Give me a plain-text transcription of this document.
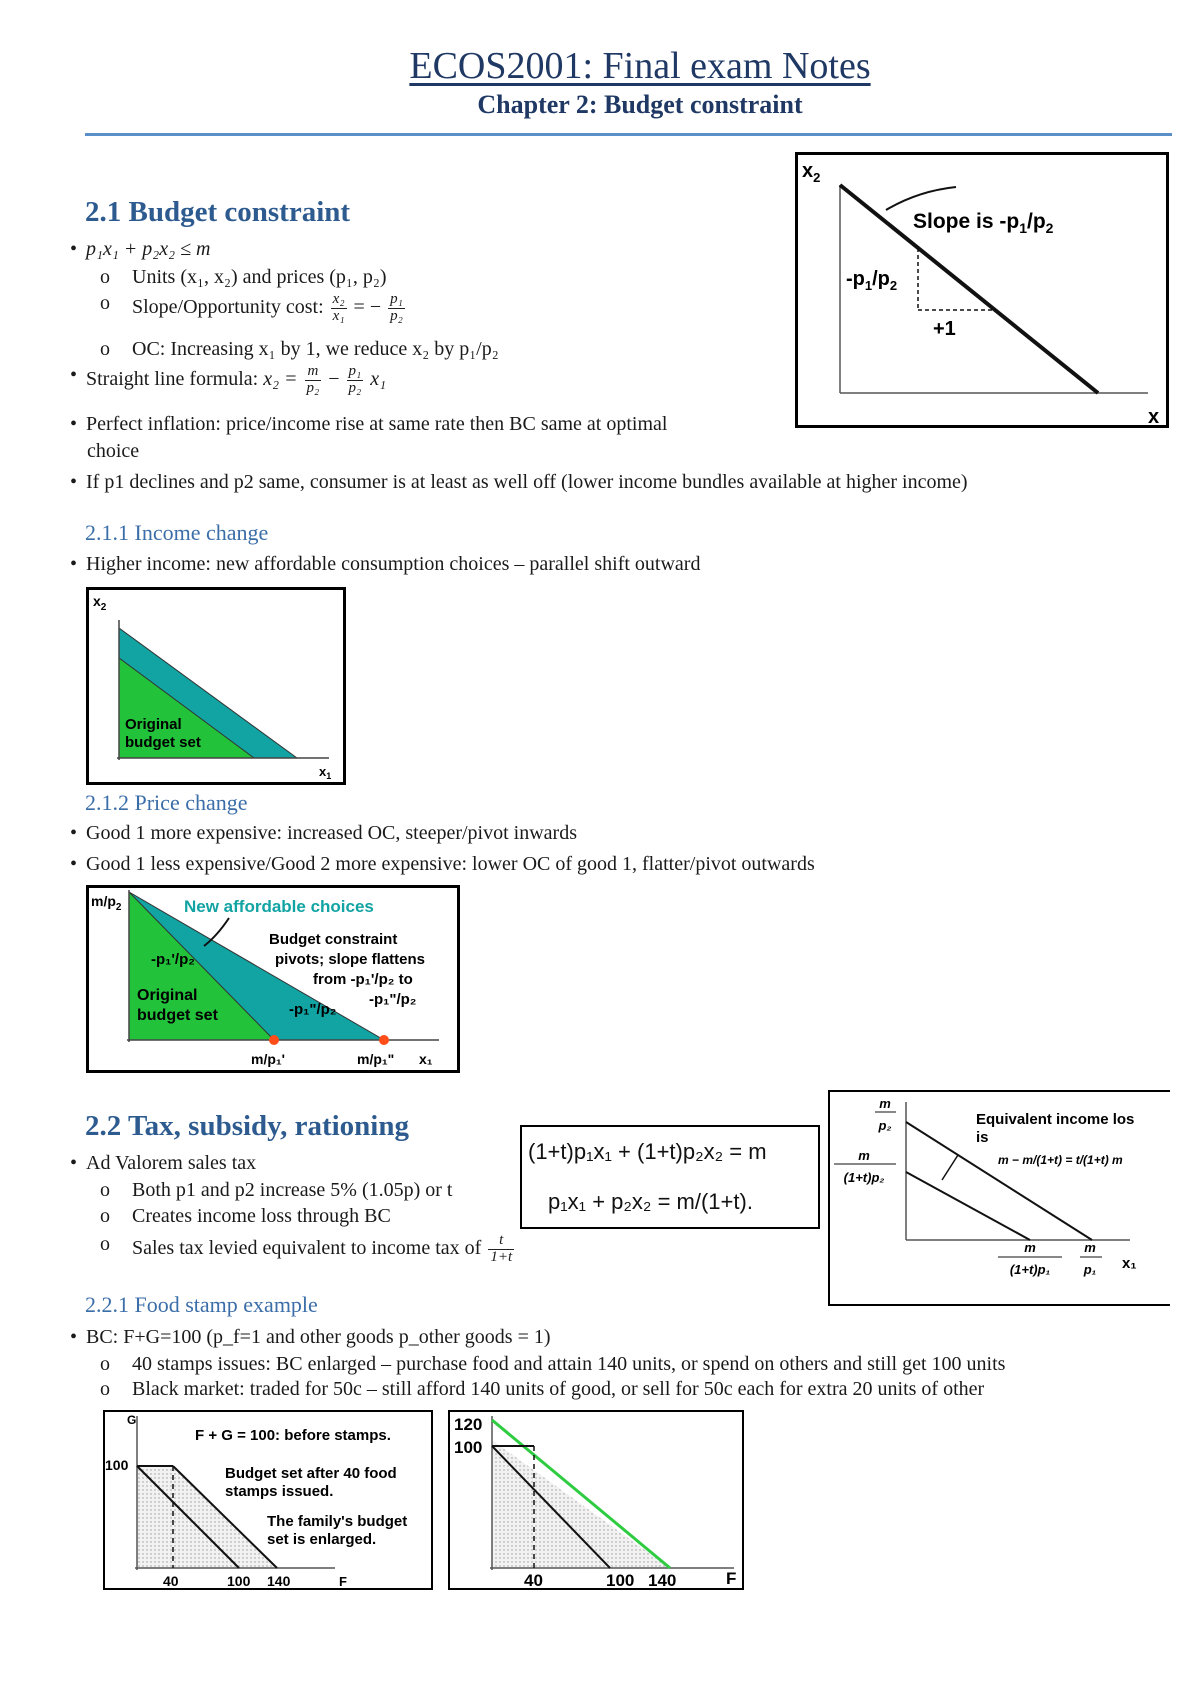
ECOS2001: Final exam Notes
Chapter 2: Budget constraint
2.1 Budget constraint
• p₁x₁ + p₂x₂ ≤ m
o Units (x₁, x₂) and prices (p₁, p₂)
o Slope/Opportunity cost: $\frac{\text{x₂}}{\text{x₁}}$ = − $\frac{\text{p₁}}{\text{p₂}}$
o OC: Increasing x₁ by 1, we reduce x₂ by p₁/p₂
• Straight line formula: $x_2 = \frac{m}{\text{p₂}} - \frac{\text{p₁}}{\text{p₂}} x_1$
• Perfect inflation: price/income rise at same rate then BC same at optimal
choice
• If p1 declines and p2 same, consumer is at least as well off (lower income bundles available at higher income)
$x_2$
x
Slope is $-p_1/p_2$
$-p_1/p_2$
+1
2.1.1 Income change
• Higher income: new affordable consumption choices – parallel shift outward
$x_2$
Original
budget set
$x_1$
2.1.2 Price change
• Good 1 more expensive: increased OC, steeper/pivot inwards
• Good 1 less expensive/Good 2 more expensive: lower OC of good 1, flatter/pivot outwards
$m/p_2$	New affordable choices
Budget constraint
pivots; slope flattens
from -p₁'/p₂ to
-p₁"/p₂
-p₁'/p₂
-p₁"/p₂
Original
budget set
m/p₁'	m/p₁" x₁
2.2 Tax, subsidy, rationing
• Ad Valorem sales tax
o Both p1 and p2 increase 5% (1.05p) or t
o Creates income loss through BC
o Sales tax levied equivalent to income tax of $\frac{t}{1+t}$
(1+t)p₁x₁ + (1+t)p₂x₂ = m
p₁x₁ + p₂x₂ = m/(1+t).
m
p₂
m
(1+t)p₂
m
(1+t)p₁
m
p₁
m − m/(1+t) = t/(1+t) m
Equivalent income los
is
x₁
2.2.1 Food stamp example
• BC: F+G=100 (p_f=1 and other goods p_other goods = 1)
o 40 stamps issues: BC enlarged – purchase food and attain 140 units, or spend on others and still get 100 units
o Black market: traded for 50c – still afford 140 units of good, or sell for 50c each for extra 20 units of other
G
100
F + G = 100: before stamps.
Budget set after 40 food
stamps issued.
The family's budget
set is enlarged.
40	100 140	F
120
100
40	100 140	F
